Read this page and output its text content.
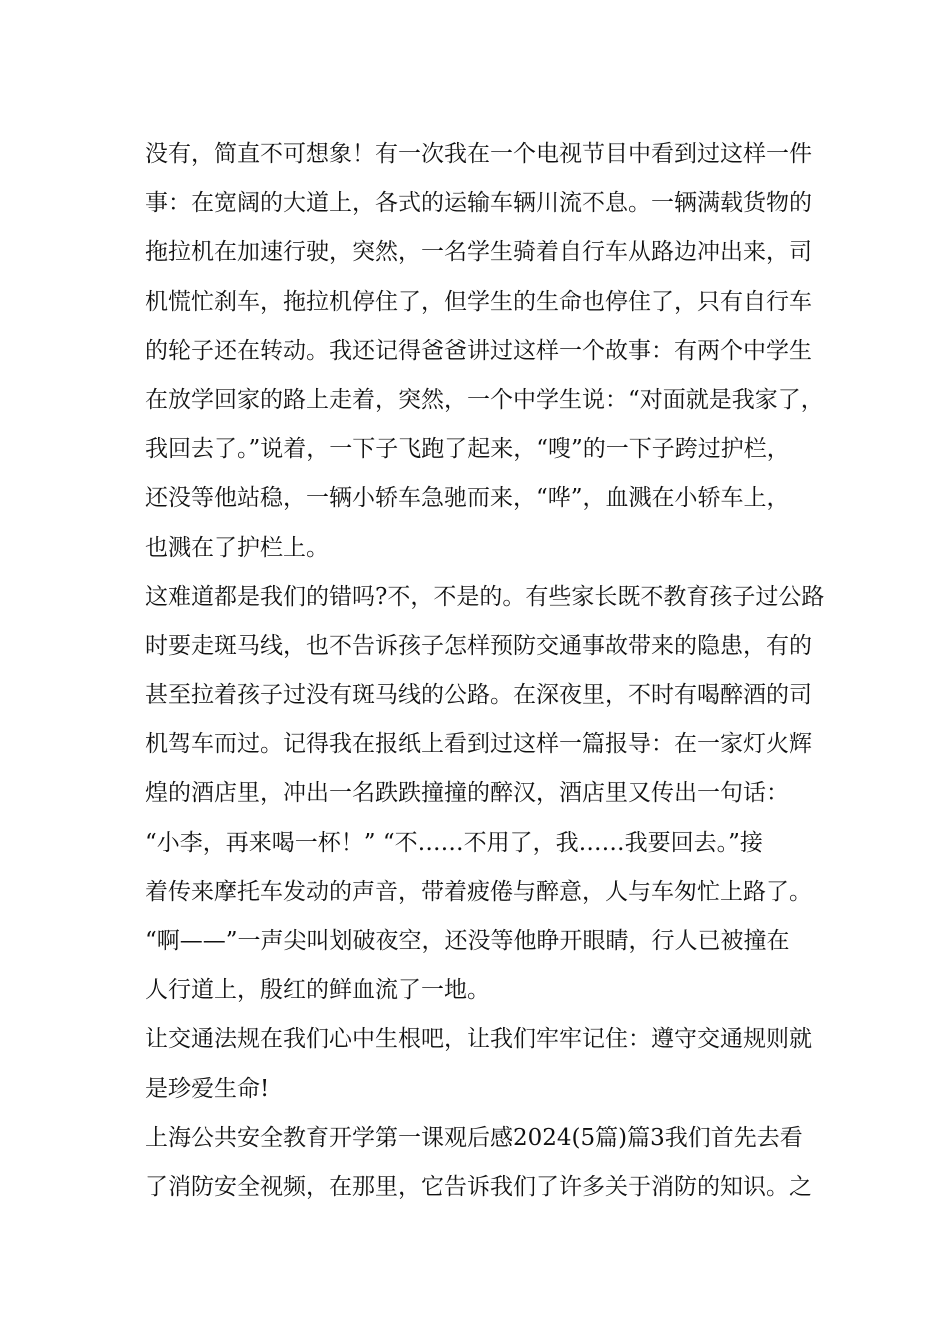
没有，简直不可想象！有一次我在一个电视节目中看到过这样一件
事：在宽阔的大道上，各式的运输车辆川流不息。一辆满载货物的
拖拉机在加速行驶，突然，一名学生骑着自行车从路边冲出来，司
机慌忙刹车，拖拉机停住了，但学生的生命也停住了，只有自行车
的轮子还在转动。我还记得爸爸讲过这样一个故事：有两个中学生
在放学回家的路上走着，突然，一个中学生说：“对面就是我家了，
我回去了。”说着，一下子飞跑了起来，“嗖”的一下子跨过护栏，
还没等他站稳，一辆小轿车急驰而来，“哗”，血溅在小轿车上，
也溅在了护栏上。
这难道都是我们的错吗?不，不是的。有些家长既不教育孩子过公路
时要走斑马线，也不告诉孩子怎样预防交通事故带来的隐患，有的
甚至拉着孩子过没有斑马线的公路。在深夜里，不时有喝醉酒的司
机驾车而过。记得我在报纸上看到过这样一篇报导：在一家灯火辉
煌的酒店里，冲出一名跌跌撞撞的醉汉，酒店里又传出一句话：
“小李，再来喝一杯！” “不……不用了，我……我要回去。”接
着传来摩托车发动的声音，带着疲倦与醉意，人与车匆忙上路了。
“啊——”一声尖叫划破夜空，还没等他睁开眼睛，行人已被撞在
人行道上，殷红的鲜血流了一地。
让交通法规在我们心中生根吧，让我们牢牢记住：遵守交通规则就
是珍爱生命!
上海公共安全教育开学第一课观后感2024(5篇)篇3我们首先去看
了消防安全视频，在那里，它告诉我们了许多关于消防的知识。之
